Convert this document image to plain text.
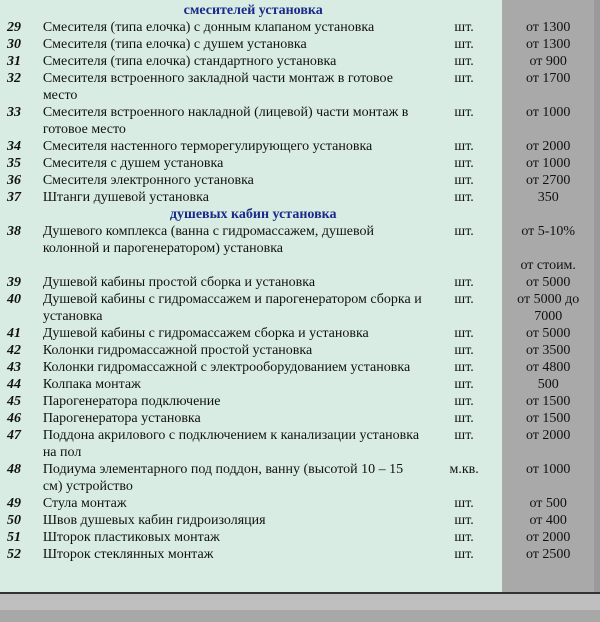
смесителей установка			
29	Смесителя (типа елочка) с донным клапаном установка	шт.	от 1300
30	Смесителя (типа елочка) с душем установка	шт.	от 1300
31	Смесителя (типа елочка) стандартного установка	шт.	от 900
32	Смесителя встроенного закладной части монтаж в готовое место	шт.	от 1700
33	Смесителя встроенного накладной (лицевой) части монтаж в готовое место	шт.	от 1000
34	Смесителя настенного терморегулирующего установка	шт.	от 2000
35	Смесителя с душем установка	шт.	от 1000
36	Смесителя электронного установка	шт.	от 2700
37	Штанги душевой установка	шт.	350
душевых кабин установка			
38	Душевого комплекса (ванна с гидромассажем, душевой колонной и парогенератором) установка	шт.	от 5-10%
			от стоим.
39	Душевой кабины простой сборка и установка	шт.	от 5000
40	Душевой кабины с гидромассажем и парогенератором сборка и установка	шт.	от 5000 до 7000
41	Душевой кабины с гидромассажем сборка и установка	шт.	от 5000
42	Колонки гидромассажной простой установка	шт.	от 3500
43	Колонки гидромассажной с электрооборудованием установка	шт.	от 4800
44	Колпака монтаж	шт.	500
45	Парогенератора подключение	шт.	от 1500
46	Парогенератора установка	шт.	от 1500
47	Поддона акрилового с подключением к канализации установка на пол	шт.	от 2000
48	Подиума элементарного под поддон, ванну (высотой 10 – 15 см) устройство	м.кв.	от 1000
49	Стула монтаж	шт.	от 500
50	Швов душевых кабин гидроизоляция	шт.	от 400
51	Шторок пластиковых монтаж	шт.	от 2000
52	Шторок стеклянных монтаж	шт.	от 2500
